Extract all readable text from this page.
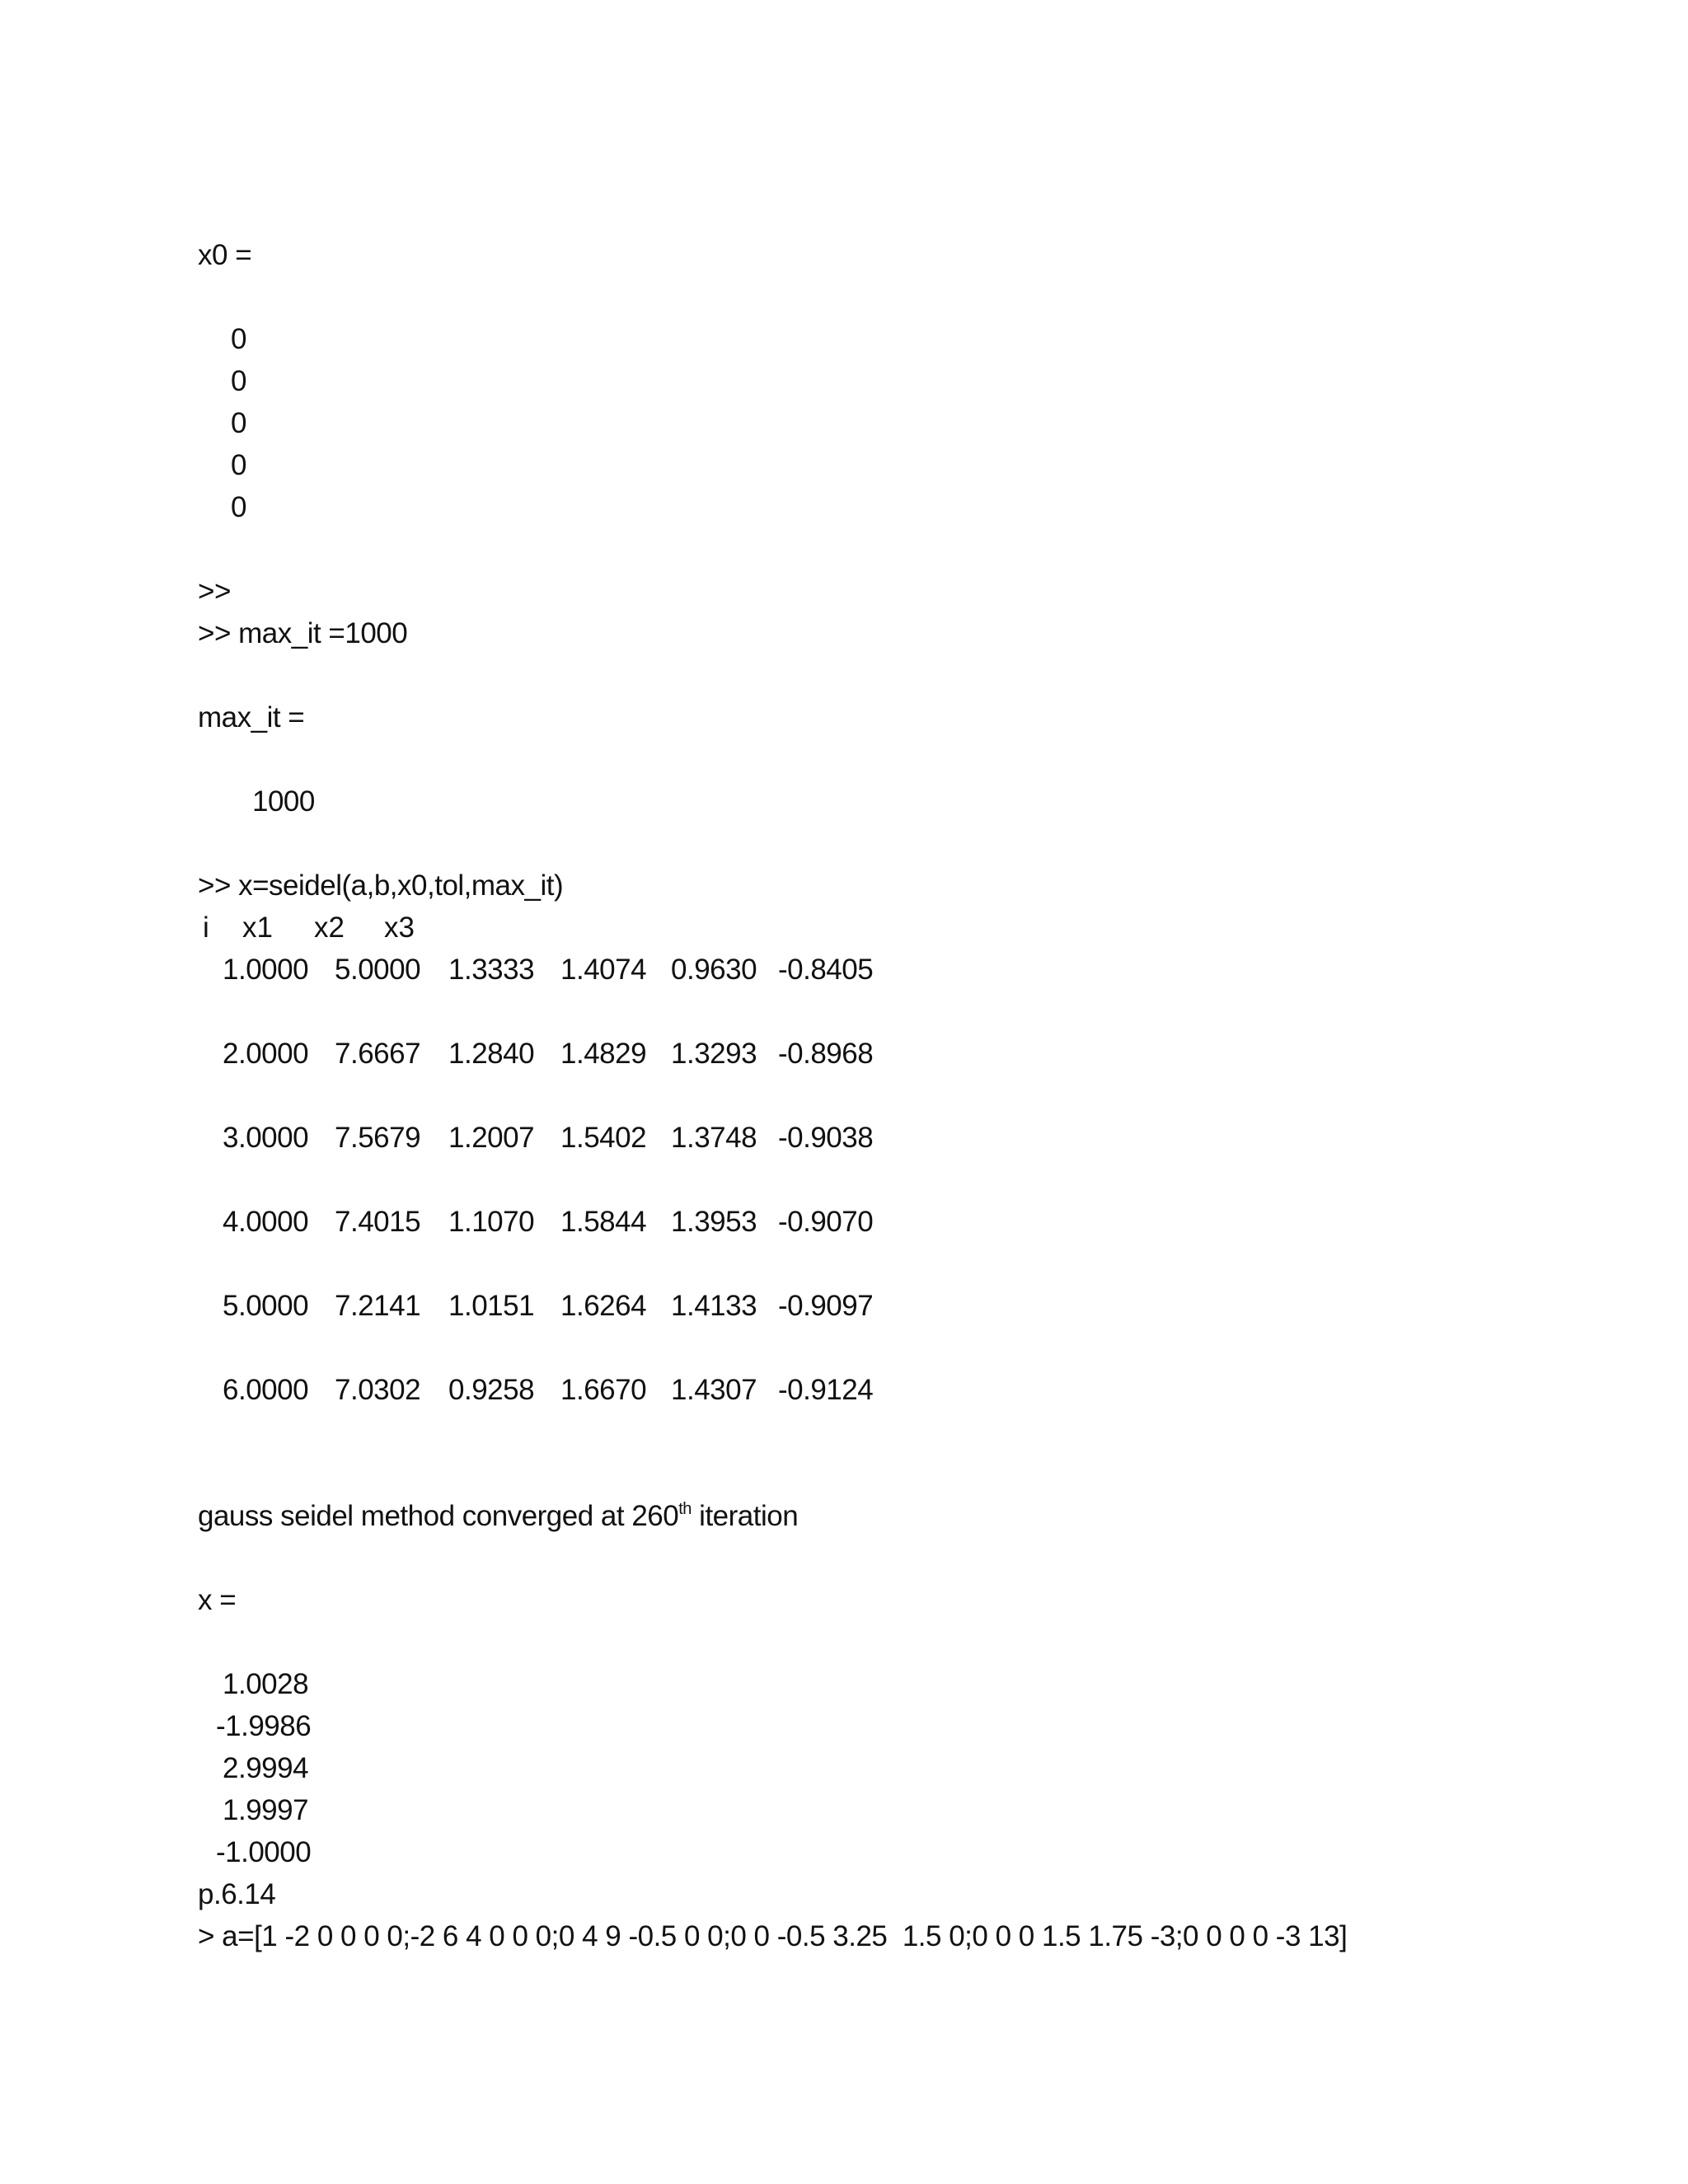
x0 =
0
0
0
0
0
>>
>> max_it =1000
max_it =
1000
>> x=seidel(a,b,x0,tol,max_it)
i x1 x2 x3
1.0000 5.0000 1.3333 1.4074 0.9630 -0.8405
2.0000 7.6667 1.2840 1.4829 1.3293 -0.8968
3.0000 7.5679 1.2007 1.5402 1.3748 -0.9038
4.0000 7.4015 1.1070 1.5844 1.3953 -0.9070
5.0000 7.2141 1.0151 1.6264 1.4133 -0.9097
6.0000 7.0302 0.9258 1.6670 1.4307 -0.9124
gauss seidel method converged at 260th iteration
x =
1.0028
-1.9986
2.9994
1.9997
-1.0000
p.6.14
> a=[1 -2 0 0 0 0;-2 6 4 0 0 0;0 4 9 -0.5 0 0;0 0 -0.5 3.25  1.5 0;0 0 0 1.5 1.75 -3;0 0 0 0 -3 13]
